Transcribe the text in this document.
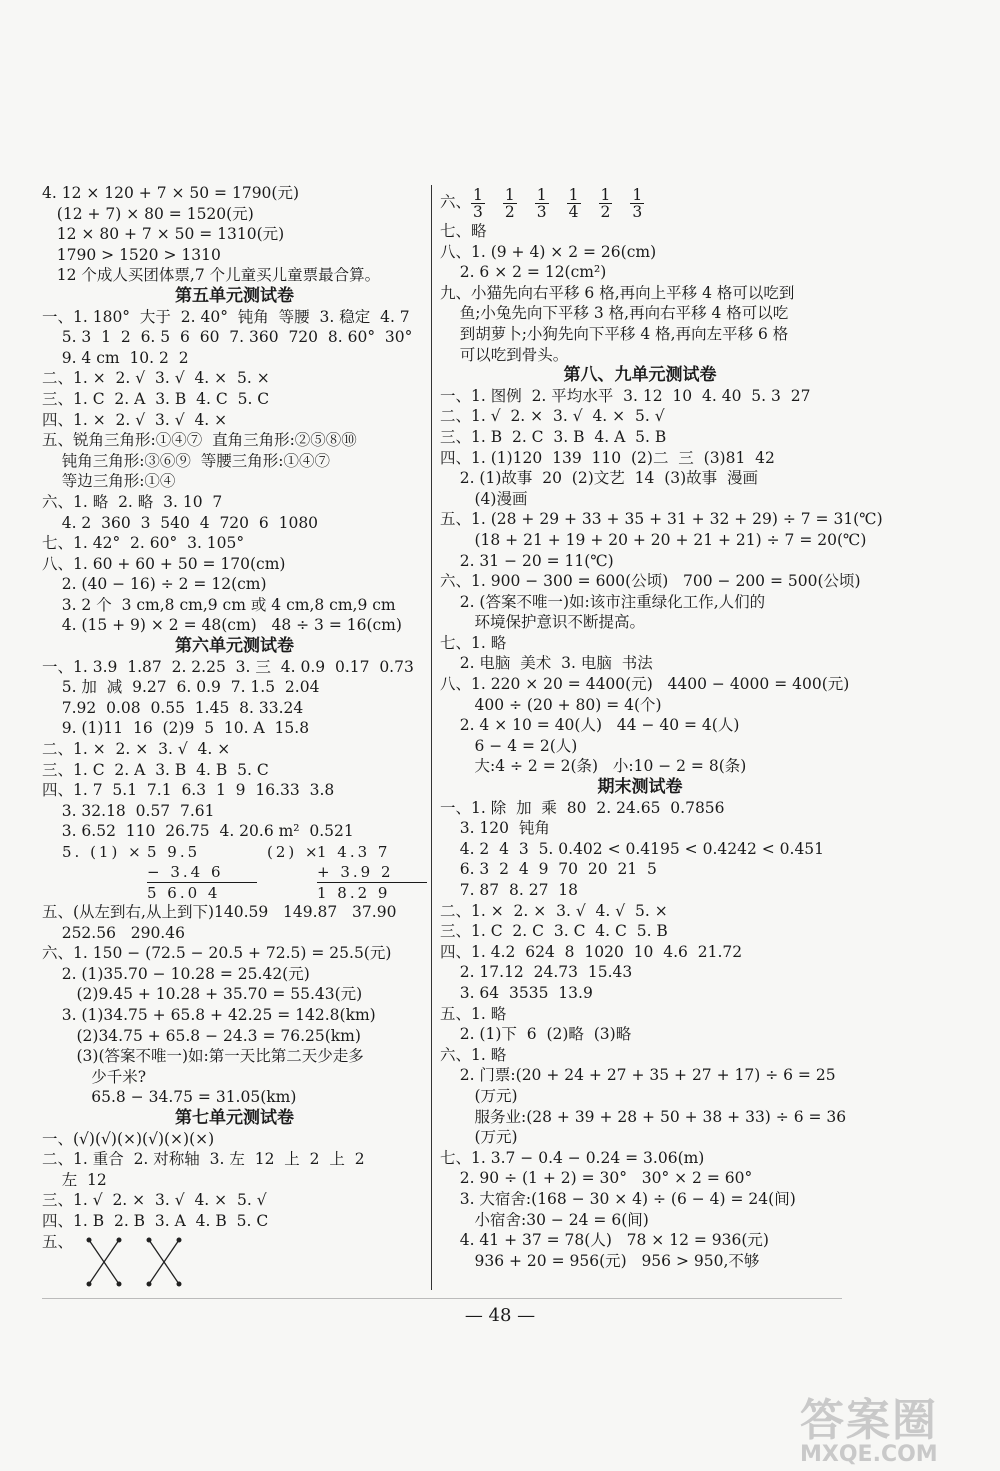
4. 12 × 120 + 7 × 50 = 1790(元)
(12 + 7) × 80 = 1520(元)
12 × 80 + 7 × 50 = 1310(元)
1790 > 1520 > 1310
12 个成人买团体票,7 个儿童买儿童票最合算。
第五单元测试卷
一、1. 180°  大于  2. 40°  钝角  等腰  3. 稳定  4. 7
5. 3  1  2  6. 5  6  60  7. 360  720  8. 60°  30°
9. 4 cm  10. 2  2
二、1. ×  2. √  3. √  4. ×  5. ×
三、1. C  2. A  3. B  4. C  5. C
四、1. ×  2. √  3. √  4. ×
五、锐角三角形:①④⑦  直角三角形:②⑤⑧⑩
钝角三角形:③⑥⑨  等腰三角形:①④⑦
等边三角形:①④
六、1. 略  2. 略  3. 10  7
4. 2  360  3  540  4  720  6  1080
七、1. 42°  2. 60°  3. 105°
八、1. 60 + 60 + 50 = 170(cm)
2. (40 − 16) ÷ 2 = 12(cm)
3. 2 个  3 cm,8 cm,9 cm 或 4 cm,8 cm,9 cm
4. (15 + 9) × 2 = 48(cm)   48 ÷ 3 = 16(cm)
第六单元测试卷
一、1. 3.9  1.87  2. 2.25  3. 三  4. 0.9  0.17  0.73
5. 加  减  9.27  6. 0.9  7. 1.5  2.04
7.92  0.08  0.55  1.45  8. 33.24
9. (1)11  16  (2)9  5  10. A  15.8
二、1. ×  2. ×  3. √  4. ×
三、1. C  2. A  3. B  4. B  5. C
四、1. 7  5.1  7.1  6.3  1  9  16.33  3.8
3. 32.18  0.57  7.61
3. 6.52  110  26.75  4. 20.6 m²  0.521
5. (1) × 5 9.5
− 3.4 6
5 6.0 4
(2) ×
1 4.3 7
+ 3.9 2
1 8.2 9
五、(从左到右,从上到下)140.59   149.87   37.90
252.56   290.46
六、1. 150 − (72.5 − 20.5 + 72.5) = 25.5(元)
2. (1)35.70 − 10.28 = 25.42(元)
(2)9.45 + 10.28 + 35.70 = 55.43(元)
3. (1)34.75 + 65.8 + 42.25 = 142.8(km)
(2)34.75 + 65.8 − 24.3 = 76.25(km)
(3)(答案不唯一)如:第一天比第二天少走多
少千米?
65.8 − 34.75 = 31.05(km)
第七单元测试卷
一、(√)(√)(×)(√)(×)(×)
二、1. 重合  2. 对称轴  3. 左  12  上  2  上  2
左  12
三、1. √  2. ×  3. √  4. ×  5. √
四、1. B  2. B  3. A  4. B  5. C
五、
六、 $\frac{1}{3} \frac{1}{2} \frac{1}{3} \frac{1}{4} \frac{1}{2} \frac{1}{3}$
七、略
八、1. (9 + 4) × 2 = 26(cm)
2. 6 × 2 = 12(cm²)
九、小猫先向右平移 6 格,再向上平移 4 格可以吃到
鱼;小兔先向下平移 3 格,再向右平移 4 格可以吃
到胡萝卜;小狗先向下平移 4 格,再向左平移 6 格
可以吃到骨头。
第八、九单元测试卷
一、1. 图例  2. 平均水平  3. 12  10  4. 40  5. 3  27
二、1. √  2. ×  3. √  4. ×  5. √
三、1. B  2. C  3. B  4. A  5. B
四、1. (1)120  139  110  (2)二  三  (3)81  42
2. (1)故事  20  (2)文艺  14  (3)故事  漫画
(4)漫画
五、1. (28 + 29 + 33 + 35 + 31 + 32 + 29) ÷ 7 = 31(℃)
(18 + 21 + 19 + 20 + 20 + 21 + 21) ÷ 7 = 20(℃)
2. 31 − 20 = 11(℃)
六、1. 900 − 300 = 600(公顷)   700 − 200 = 500(公顷)
2. (答案不唯一)如:该市注重绿化工作,人们的
环境保护意识不断提高。
七、1. 略
2. 电脑  美术  3. 电脑  书法
八、1. 220 × 20 = 4400(元)   4400 − 4000 = 400(元)
400 ÷ (20 + 80) = 4(个)
2. 4 × 10 = 40(人)   44 − 40 = 4(人)
6 − 4 = 2(人)
大:4 ÷ 2 = 2(条)   小:10 − 2 = 8(条)
期末测试卷
一、1. 除  加  乘  80  2. 24.65  0.7856
3. 120  钝角
4. 2  4  3  5. 0.402 < 0.4195 < 0.4242 < 0.451
6. 3  2  4  9  70  20  21  5
7. 87  8. 27  18
二、1. ×  2. ×  3. √  4. √  5. ×
三、1. C  2. C  3. C  4. C  5. B
四、1. 4.2  624  8  1020  10  4.6  21.72
2. 17.12  24.73  15.43
3. 64  3535  13.9
五、1. 略
2. (1)下  6  (2)略  (3)略
六、1. 略
2. 门票:(20 + 24 + 27 + 35 + 27 + 17) ÷ 6 = 25
(万元)
服务业:(28 + 39 + 28 + 50 + 38 + 33) ÷ 6 = 36
(万元)
七、1. 3.7 − 0.4 − 0.24 = 3.06(m)
2. 90 ÷ (1 + 2) = 30°   30° × 2 = 60°
3. 大宿舍:(168 − 30 × 4) ÷ (6 − 4) = 24(间)
小宿舍:30 − 24 = 6(间)
4. 41 + 37 = 78(人)   78 × 12 = 936(元)
936 + 20 = 956(元)   956 > 950,不够
— 48 —
答案圈
MXQE.COM
